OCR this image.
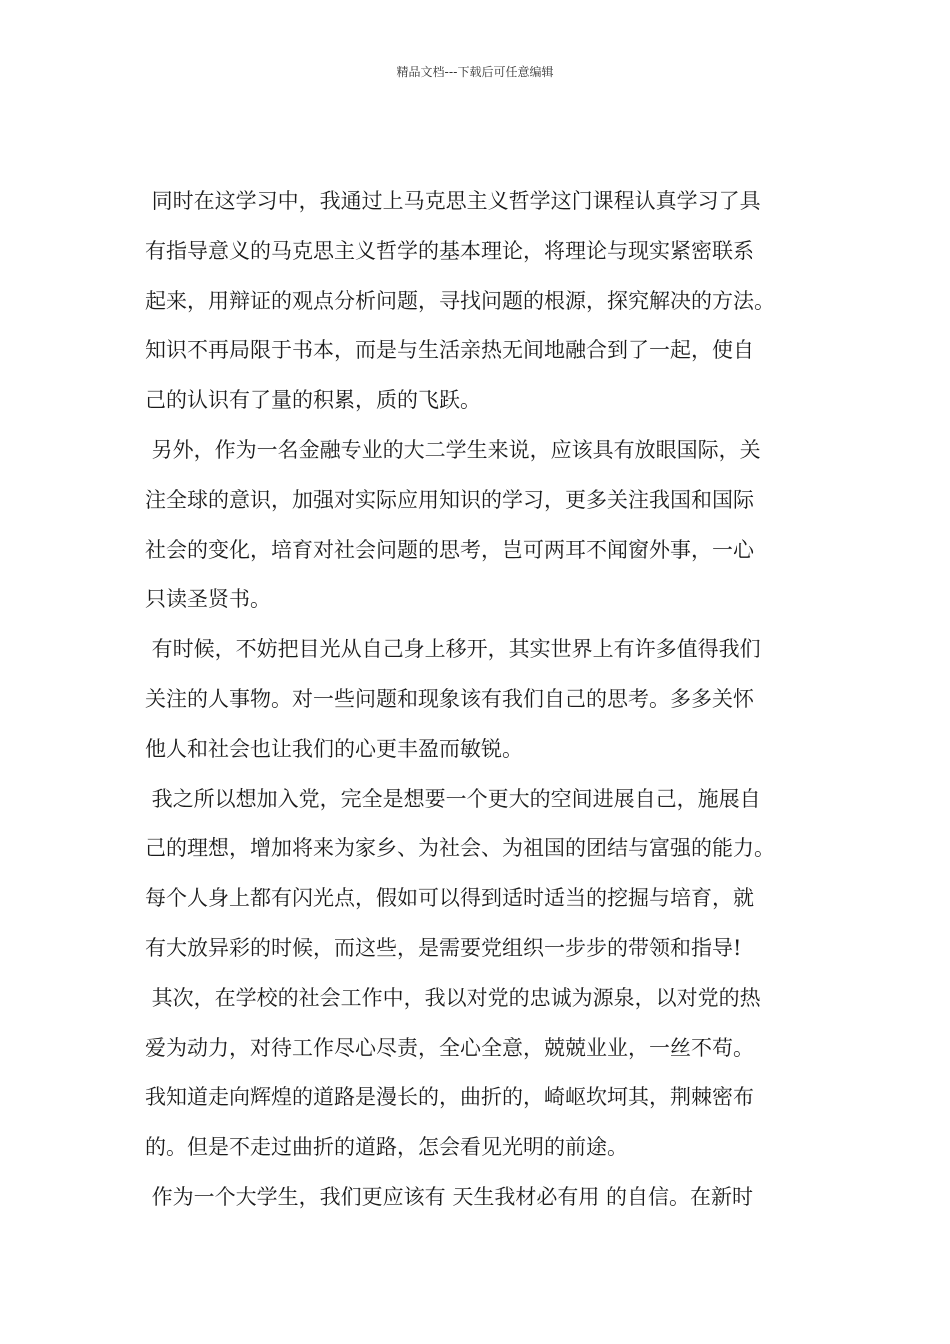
精品文档---下载后可任意编辑
同时在这学习中，我通过上马克思主义哲学这门课程认真学习了具
有指导意义的马克思主义哲学的基本理论，将理论与现实紧密联系
起来，用辩证的观点分析问题，寻找问题的根源，探究解决的方法。
知识不再局限于书本，而是与生活亲热无间地融合到了一起，使自
己的认识有了量的积累，质的飞跃。
另外，作为一名金融专业的大二学生来说，应该具有放眼国际，关
注全球的意识，加强对实际应用知识的学习，更多关注我国和国际
社会的变化，培育对社会问题的思考，岂可两耳不闻窗外事，一心
只读圣贤书。
有时候，不妨把目光从自己身上移开，其实世界上有许多值得我们
关注的人事物。对一些问题和现象该有我们自己的思考。多多关怀
他人和社会也让我们的心更丰盈而敏锐。
我之所以想加入党，完全是想要一个更大的空间进展自己，施展自
己的理想，增加将来为家乡、为社会、为祖国的团结与富强的能力。
每个人身上都有闪光点，假如可以得到适时适当的挖掘与培育，就
有大放异彩的时候，而这些，是需要党组织一步步的带领和指导!
其次，在学校的社会工作中，我以对党的忠诚为源泉，以对党的热
爱为动力，对待工作尽心尽责，全心全意，兢兢业业，一丝不苟。
我知道走向辉煌的道路是漫长的，曲折的，崎岖坎坷其，荆棘密布
的。但是不走过曲折的道路，怎会看见光明的前途。
作为一个大学生，我们更应该有 天生我材必有用 的自信。在新时
